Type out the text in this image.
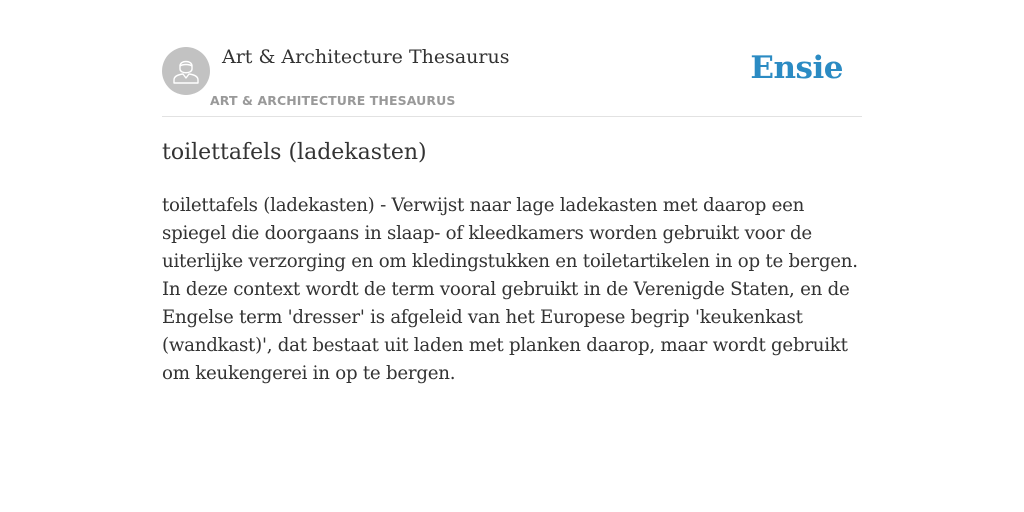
Art & Architecture Thesaurus
ART & ARCHITECTURE THESAURUS
Ensie
toilettafels (ladekasten)

toilettafels (ladekasten) - Verwijst naar lage ladekasten met daarop een spiegel die doorgaans in slaap- of kleedkamers worden gebruikt voor de uiterlijke verzorging en om kledingstukken en toiletartikelen in op te bergen. In deze context wordt de term vooral gebruikt in de Verenigde Staten, en de Engelse term 'dresser' is afgeleid van het Europese begrip 'keukenkast (wandkast)', dat bestaat uit laden met planken daarop, maar wordt gebruikt om keukengerei in op te bergen.
